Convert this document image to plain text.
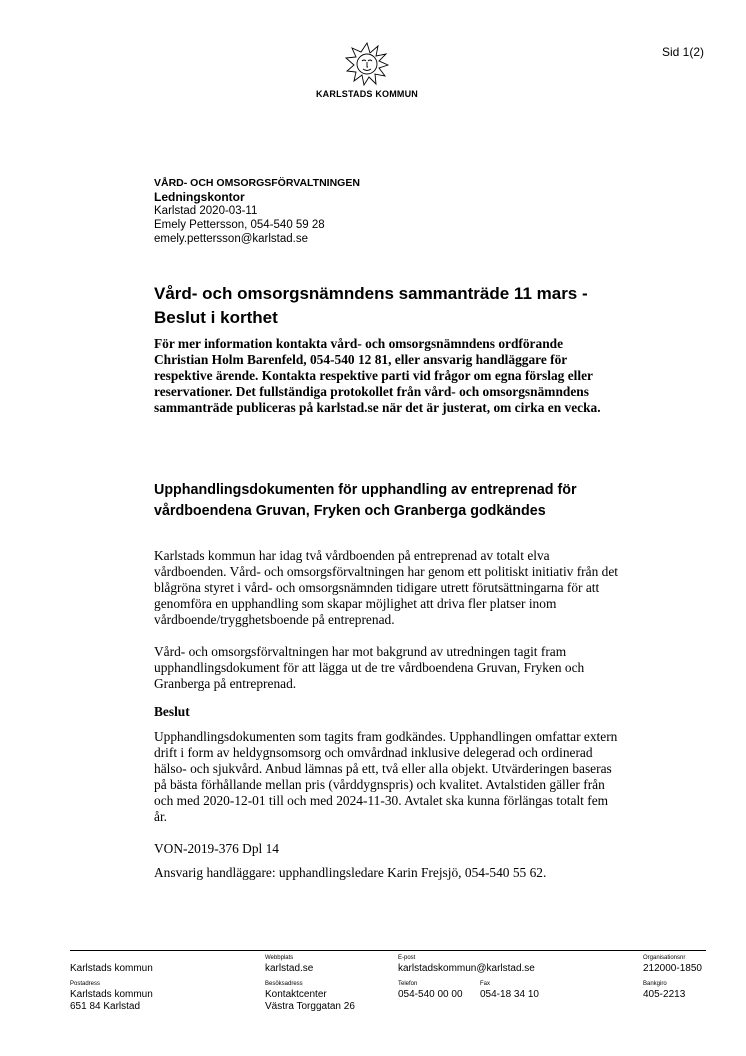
Sid 1(2)
KARLSTADS KOMMUN
VÅRD- OCH OMSORGSFÖRVALTNINGEN
Ledningskontor
Karlstad 2020-03-11
Emely Pettersson, 054-540 59 28
emely.pettersson@karlstad.se
Vård- och omsorgsnämndens sammanträde 11 mars - Beslut i korthet

För mer information kontakta vård- och omsorgsnämndens ordförande Christian Holm Barenfeld, 054-540 12 81, eller ansvarig handläggare för respektive ärende. Kontakta respektive parti vid frågor om egna förslag eller reservationer. Det fullständiga protokollet från vård- och omsorgsnämndens sammanträde publiceras på karlstad.se när det är justerat, om cirka en vecka.

Upphandlingsdokumenten för upphandling av entreprenad för vårdboendena Gruvan, Fryken och Granberga godkändes

Karlstads kommun har idag två vårdboenden på entreprenad av totalt elva vårdboenden. Vård- och omsorgsförvaltningen har genom ett politiskt initiativ från det blågröna styret i vård- och omsorgsnämnden tidigare utrett förutsättningarna för att genomföra en upphandling som skapar möjlighet att driva fler platser inom vårdboende/trygghetsboende på entreprenad.

Vård- och omsorgsförvaltningen har mot bakgrund av utredningen tagit fram upphandlingsdokument för att lägga ut de tre vårdboendena Gruvan, Fryken och Granberga på entreprenad.

Beslut

Upphandlingsdokumenten som tagits fram godkändes. Upphandlingen omfattar extern drift i form av heldygnsomsorg och omvårdnad inklusive delegerad och ordinerad hälso- och sjukvård. Anbud lämnas på ett, två eller alla objekt. Utvärderingen baseras på bästa förhållande mellan pris (vårddygnspris) och kvalitet. Avtalstiden gäller från och med 2020-12-01 till och med 2024-11-30. Avtalet ska kunna förlängas totalt fem år.

VON-2019-376 Dpl 14

Ansvarig handläggare: upphandlingsledare Karin Frejsjö, 054-540 55 62.

Karlstads kommun
Webbplats
karlstad.se
E-post
karlstadskommun@karlstad.se
Organisationsnr
212000-1850
Postadress
Karlstads kommun
651 84 Karlstad
Besöksadress
Kontaktcenter
Västra Torggatan 26
Telefon
054-540 00 00
Fax
054-18 34 10
Bankgiro
405-2213
